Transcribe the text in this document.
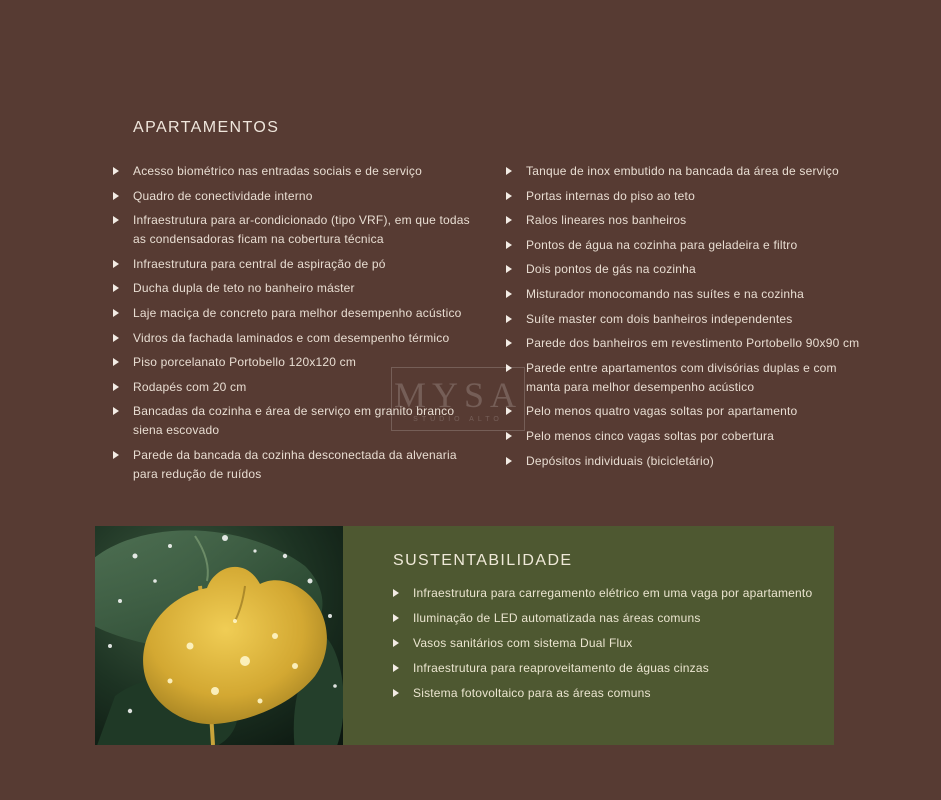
APARTAMENTOS
Acesso biométrico nas entradas sociais e de serviço
Quadro de conectividade interno
Infraestrutura para ar-condicionado (tipo VRF), em que todas as condensadoras ficam na cobertura técnica
Infraestrutura para central de aspiração de pó
Ducha dupla de teto no banheiro máster
Laje maciça de concreto para melhor desempenho acústico
Vidros da fachada laminados e com desempenho térmico
Piso porcelanato Portobello 120x120 cm
Rodapés com 20 cm
Bancadas da cozinha e área de serviço em granito branco siena escovado
Parede da bancada da cozinha desconectada da alvenaria para redução de ruídos
Tanque de inox embutido na bancada da área de serviço
Portas internas do piso ao teto
Ralos lineares nos banheiros
Pontos de água na cozinha para geladeira e filtro
Dois pontos de gás na cozinha
Misturador monocomando nas suítes e na cozinha
Suíte master com dois banheiros independentes
Parede dos banheiros em revestimento Portobello 90x90 cm
Parede entre apartamentos com divisórias duplas e com manta para melhor desempenho acústico
Pelo menos quatro vagas soltas por apartamento
Pelo menos cinco vagas soltas por cobertura
Depósitos individuais (bicicletário)
MYSA
STUDIO ALTO
SUSTENTABILIDADE
Infraestrutura para carregamento elétrico em uma vaga por apartamento
Iluminação de LED automatizada nas áreas comuns
Vasos sanitários com sistema Dual Flux
Infraestrutura para reaproveitamento de águas cinzas
Sistema fotovoltaico para as áreas comuns
